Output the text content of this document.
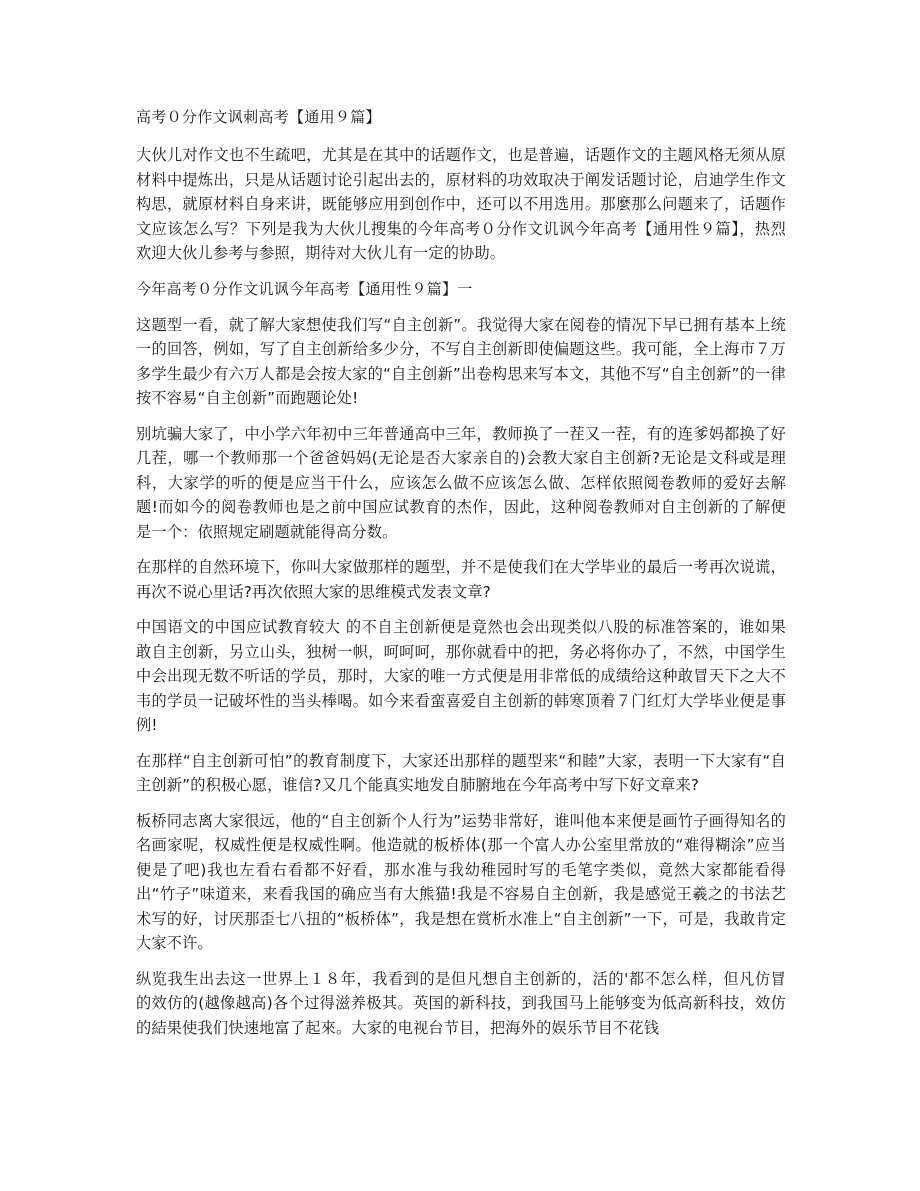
高考０分作文讽刺高考【通用９篇】

大伙儿对作文也不生疏吧，尤其是在其中的话题作文，也是普遍，话题作文的主题风格无须从原材料中提炼出，只是从话题讨论引起出去的，原材料的功效取决于阐发话题讨论，启迪学生作文构思，就原材料自身来讲，既能够应用到创作中，还可以不用选用。那麼那么问题来了，话题作文应该怎么写？下列是我为大伙儿搜集的今年高考０分作文讥讽今年高考【通用性９篇】，热烈欢迎大伙儿参考与参照，期待对大伙儿有一定的协助。

今年高考０分作文讥讽今年高考【通用性９篇】一

这题型一看，就了解大家想使我们写“自主创新”。我觉得大家在阅卷的情况下早已拥有基本上统一的回答，例如，写了自主创新给多少分，不写自主创新即使偏题这些。我可能，全上海市７万多学生最少有六万人都是会按大家的“自主创新”出卷构思来写本文，其他不写“自主创新”的一律按不容易“自主创新”而跑题论处!

别坑骗大家了，中小学六年初中三年普通高中三年，教师换了一茬又一茬，有的连爹妈都换了好几茬，哪一个教师那一个爸爸妈妈(无论是否大家亲自的)会教大家自主创新?无论是文科或是理科，大家学的听的便是应当干什么，应该怎么做不应该怎么做、怎样依照阅卷教师的爱好去解题!而如今的阅卷教师也是之前中国应试教育的杰作，因此，这种阅卷教师对自主创新的了解便是一个：依照规定刷题就能得高分数。

在那样的自然环境下，你叫大家做那样的题型，并不是使我们在大学毕业的最后一考再次说谎，再次不说心里话?再次依照大家的思维模式发表文章?

中国语文的中国应试教育较大 的不自主创新便是竟然也会出现类似八股的标准答案的，谁如果敢自主创新，另立山头，独树一帜，呵呵呵，那你就看中的把，务必将你办了，不然，中国学生中会出现无数不听话的学员，那时，大家的唯一方式便是用非常低的成绩给这种敢冒天下之大不韦的学员一记破坏性的当头棒喝。如今来看蛮喜爱自主创新的韩寒顶着７门红灯大学毕业便是事例!

在那样“自主创新可怕”的教育制度下，大家还出那样的题型来“和睦”大家，表明一下大家有“自主创新”的积极心愿，谁信?又几个能真实地发自肺腑地在今年高考中写下好文章来?

板桥同志离大家很远，他的“自主创新个人行为”运势非常好，谁叫他本来便是画竹子画得知名的名画家呢，权威性便是权威性啊。他造就的板桥体(那一个富人办公室里常放的“难得糊涂”应当便是了吧)我也左看右看都不好看，那水准与我幼稚园时写的毛笔字类似，竟然大家都能看得出“竹子”味道来，来看我国的确应当有大熊猫!我是不容易自主创新，我是感觉王羲之的书法艺术写的好，讨厌那歪七八扭的“板桥体”，我是想在赏析水准上“自主创新”一下，可是，我敢肯定大家不许。

纵览我生出去这一世界上１８年，我看到的是但凡想自主创新的，活的'都不怎么样，但凡仿冒的效仿的(越像越高)各个过得滋养极其。英国的新科技，到我国马上能够变为低高新科技，效仿的結果使我们快速地富了起來。大家的电视台节目，把海外的娱乐节目不花钱
